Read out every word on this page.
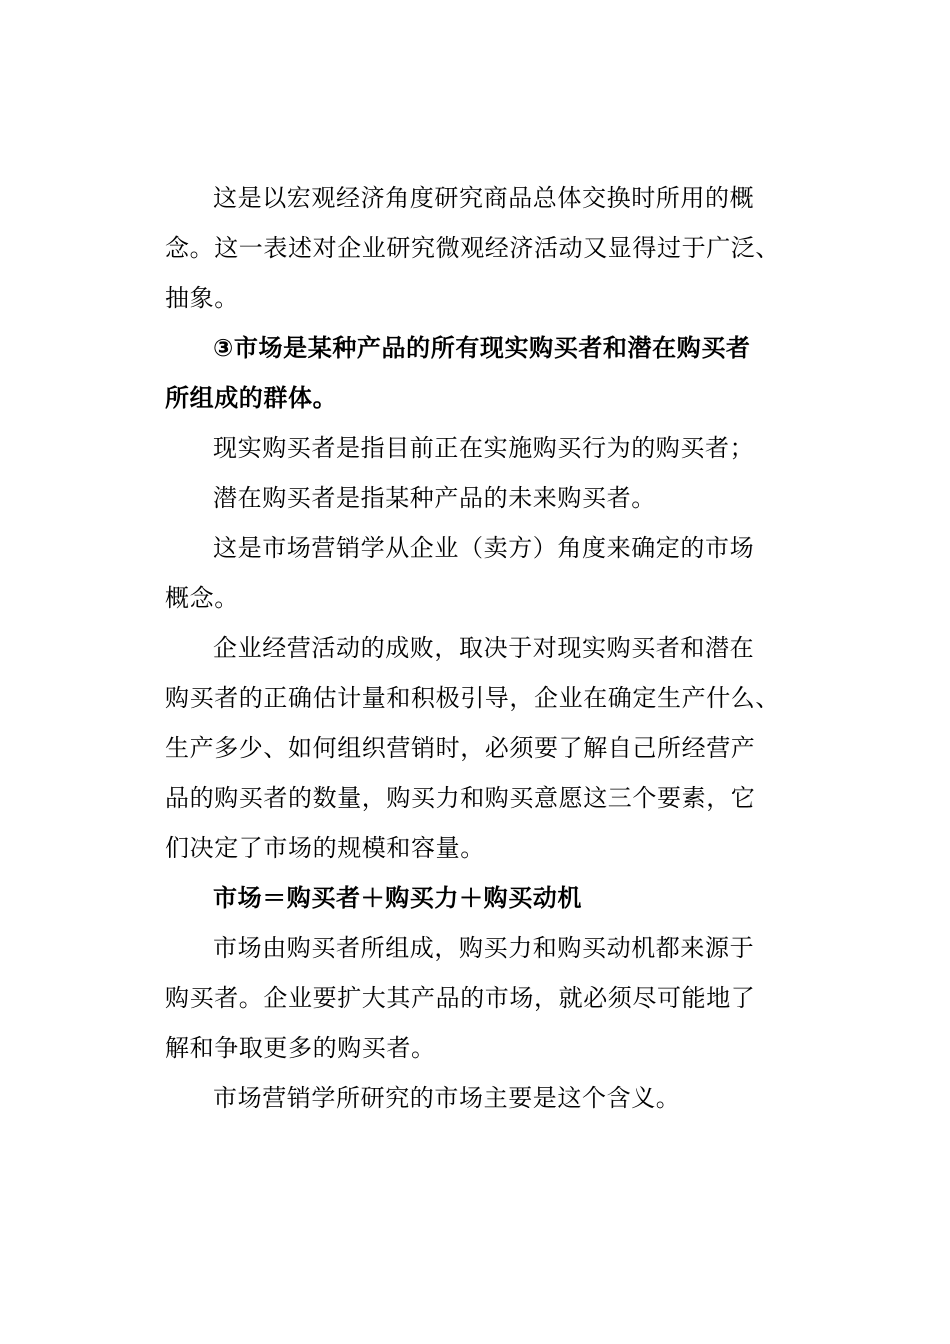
这是以宏观经济角度研究商品总体交换时所用的概
念。这一表述对企业研究微观经济活动又显得过于广泛、
抽象。
③市场是某种产品的所有现实购买者和潜在购买者
所组成的群体。
现实购买者是指目前正在实施购买行为的购买者；
潜在购买者是指某种产品的未来购买者。
这是市场营销学从企业（卖方）角度来确定的市场
概念。
企业经营活动的成败，取决于对现实购买者和潜在
购买者的正确估计量和积极引导，企业在确定生产什么、
生产多少、如何组织营销时，必须要了解自己所经营产
品的购买者的数量，购买力和购买意愿这三个要素，它
们决定了市场的规模和容量。
市场＝购买者＋购买力＋购买动机
市场由购买者所组成，购买力和购买动机都来源于
购买者。企业要扩大其产品的市场，就必须尽可能地了
解和争取更多的购买者。
市场营销学所研究的市场主要是这个含义。
